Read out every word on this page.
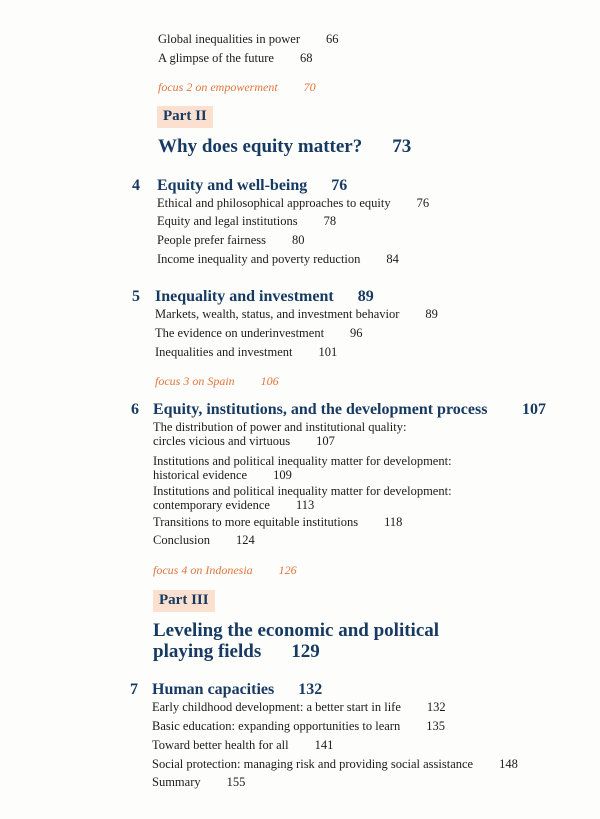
Global inequalities in power 66
A glimpse of the future 68
focus 2 on empowerment 70
Part II
Why does equity matter? 73
4 Equity and well-being 76
Ethical and philosophical approaches to equity 76
Equity and legal institutions 78
People prefer fairness 80
Income inequality and poverty reduction 84
5 Inequality and investment 89
Markets, wealth, status, and investment behavior 89
The evidence on underinvestment 96
Inequalities and investment 101
focus 3 on Spain 106
6 Equity, institutions, and the development process 107
The distribution of power and institutional quality:
circles vicious and virtuous 107
Institutions and political inequality matter for development:
historical evidence 109
Institutions and political inequality matter for development:
contemporary evidence 113
Transitions to more equitable institutions 118
Conclusion 124
focus 4 on Indonesia 126
Part III
Leveling the economic and political
playing fields 129
7 Human capacities 132
Early childhood development: a better start in life 132
Basic education: expanding opportunities to learn 135
Toward better health for all 141
Social protection: managing risk and providing social assistance 148
Summary 155
